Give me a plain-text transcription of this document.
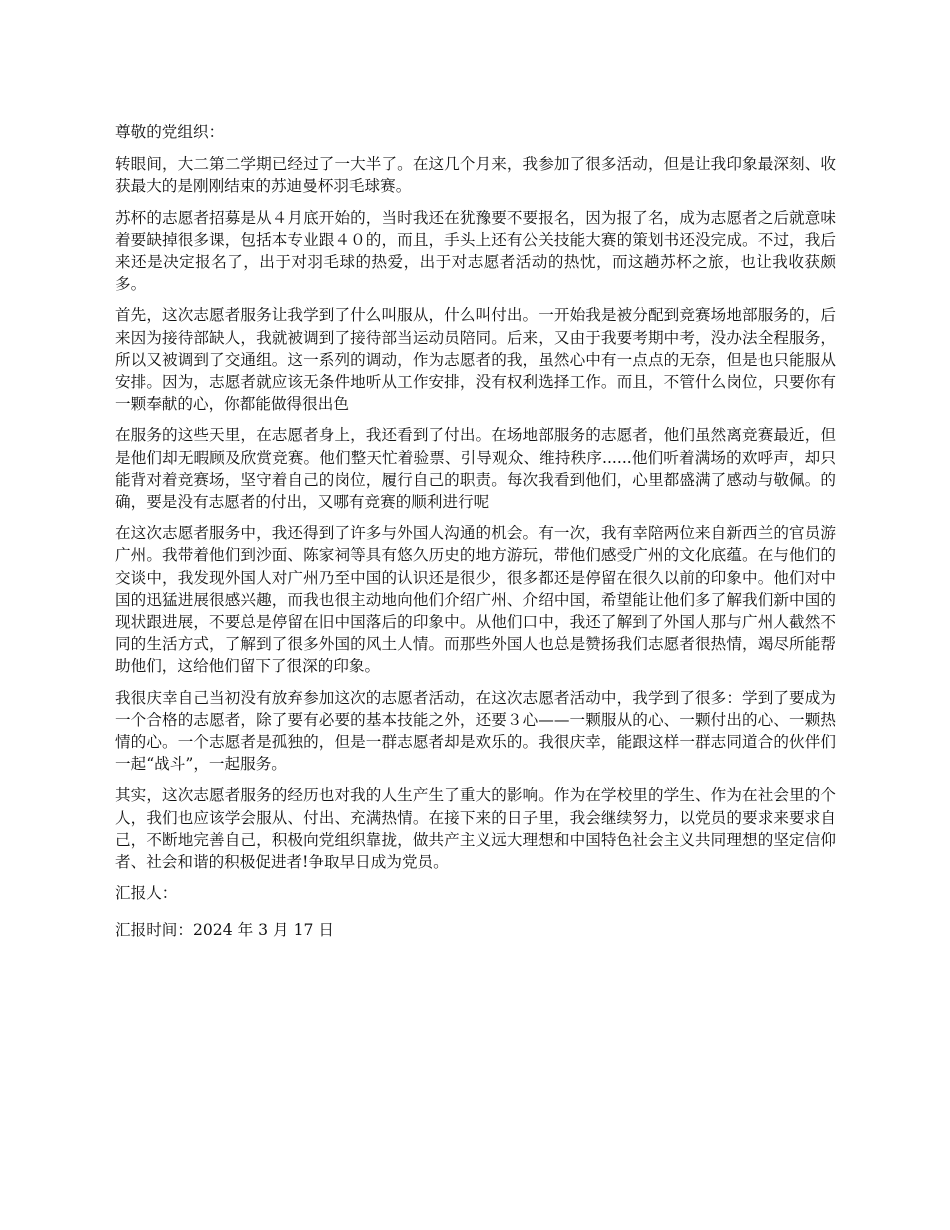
尊敬的党组织：

转眼间，大二第二学期已经过了一大半了。在这几个月来，我参加了很多活动，但是让我印象最深刻、收获最大的是刚刚结束的苏迪曼杯羽毛球赛。

苏杯的志愿者招募是从４月底开始的，当时我还在犹豫要不要报名，因为报了名，成为志愿者之后就意味着要缺掉很多课，包括本专业跟４０的，而且，手头上还有公关技能大赛的策划书还没完成。不过，我后来还是决定报名了，出于对羽毛球的热爱，出于对志愿者活动的热忱，而这趟苏杯之旅，也让我收获颇多。

首先，这次志愿者服务让我学到了什么叫服从，什么叫付出。一开始我是被分配到竞赛场地部服务的，后来因为接待部缺人，我就被调到了接待部当运动员陪同。后来，又由于我要考期中考，没办法全程服务，所以又被调到了交通组。这一系列的调动，作为志愿者的我，虽然心中有一点点的无奈，但是也只能服从安排。因为，志愿者就应该无条件地听从工作安排，没有权利选择工作。而且，不管什么岗位，只要你有一颗奉献的心，你都能做得很出色

在服务的这些天里，在志愿者身上，我还看到了付出。在场地部服务的志愿者，他们虽然离竞赛最近，但是他们却无暇顾及欣赏竞赛。他们整天忙着验票、引导观众、维持秩序......他们听着满场的欢呼声，却只能背对着竞赛场，坚守着自己的岗位，履行自己的职责。每次我看到他们，心里都盛满了感动与敬佩。的确，要是没有志愿者的付出，又哪有竞赛的顺利进行呢

在这次志愿者服务中，我还得到了许多与外国人沟通的机会。有一次，我有幸陪两位来自新西兰的官员游广州。我带着他们到沙面、陈家祠等具有悠久历史的地方游玩，带他们感受广州的文化底蕴。在与他们的交谈中，我发现外国人对广州乃至中国的认识还是很少，很多都还是停留在很久以前的印象中。他们对中国的迅猛进展很感兴趣，而我也很主动地向他们介绍广州、介绍中国，希望能让他们多了解我们新中国的现状跟进展，不要总是停留在旧中国落后的印象中。从他们口中，我还了解到了外国人那与广州人截然不同的生活方式，了解到了很多外国的风土人情。而那些外国人也总是赞扬我们志愿者很热情，竭尽所能帮助他们，这给他们留下了很深的印象。

我很庆幸自己当初没有放弃参加这次的志愿者活动，在这次志愿者活动中，我学到了很多：学到了要成为一个合格的志愿者，除了要有必要的基本技能之外，还要３心——一颗服从的心、一颗付出的心、一颗热情的心。一个志愿者是孤独的，但是一群志愿者却是欢乐的。我很庆幸，能跟这样一群志同道合的伙伴们一起“战斗”，一起服务。

其实，这次志愿者服务的经历也对我的人生产生了重大的影响。作为在学校里的学生、作为在社会里的个人，我们也应该学会服从、付出、充满热情。在接下来的日子里，我会继续努力，以党员的要求来要求自己，不断地完善自己，积极向党组织靠拢，做共产主义远大理想和中国特色社会主义共同理想的坚定信仰者、社会和谐的积极促进者!争取早日成为党员。

汇报人：

汇报时间：2024 年 3 月 17 日
